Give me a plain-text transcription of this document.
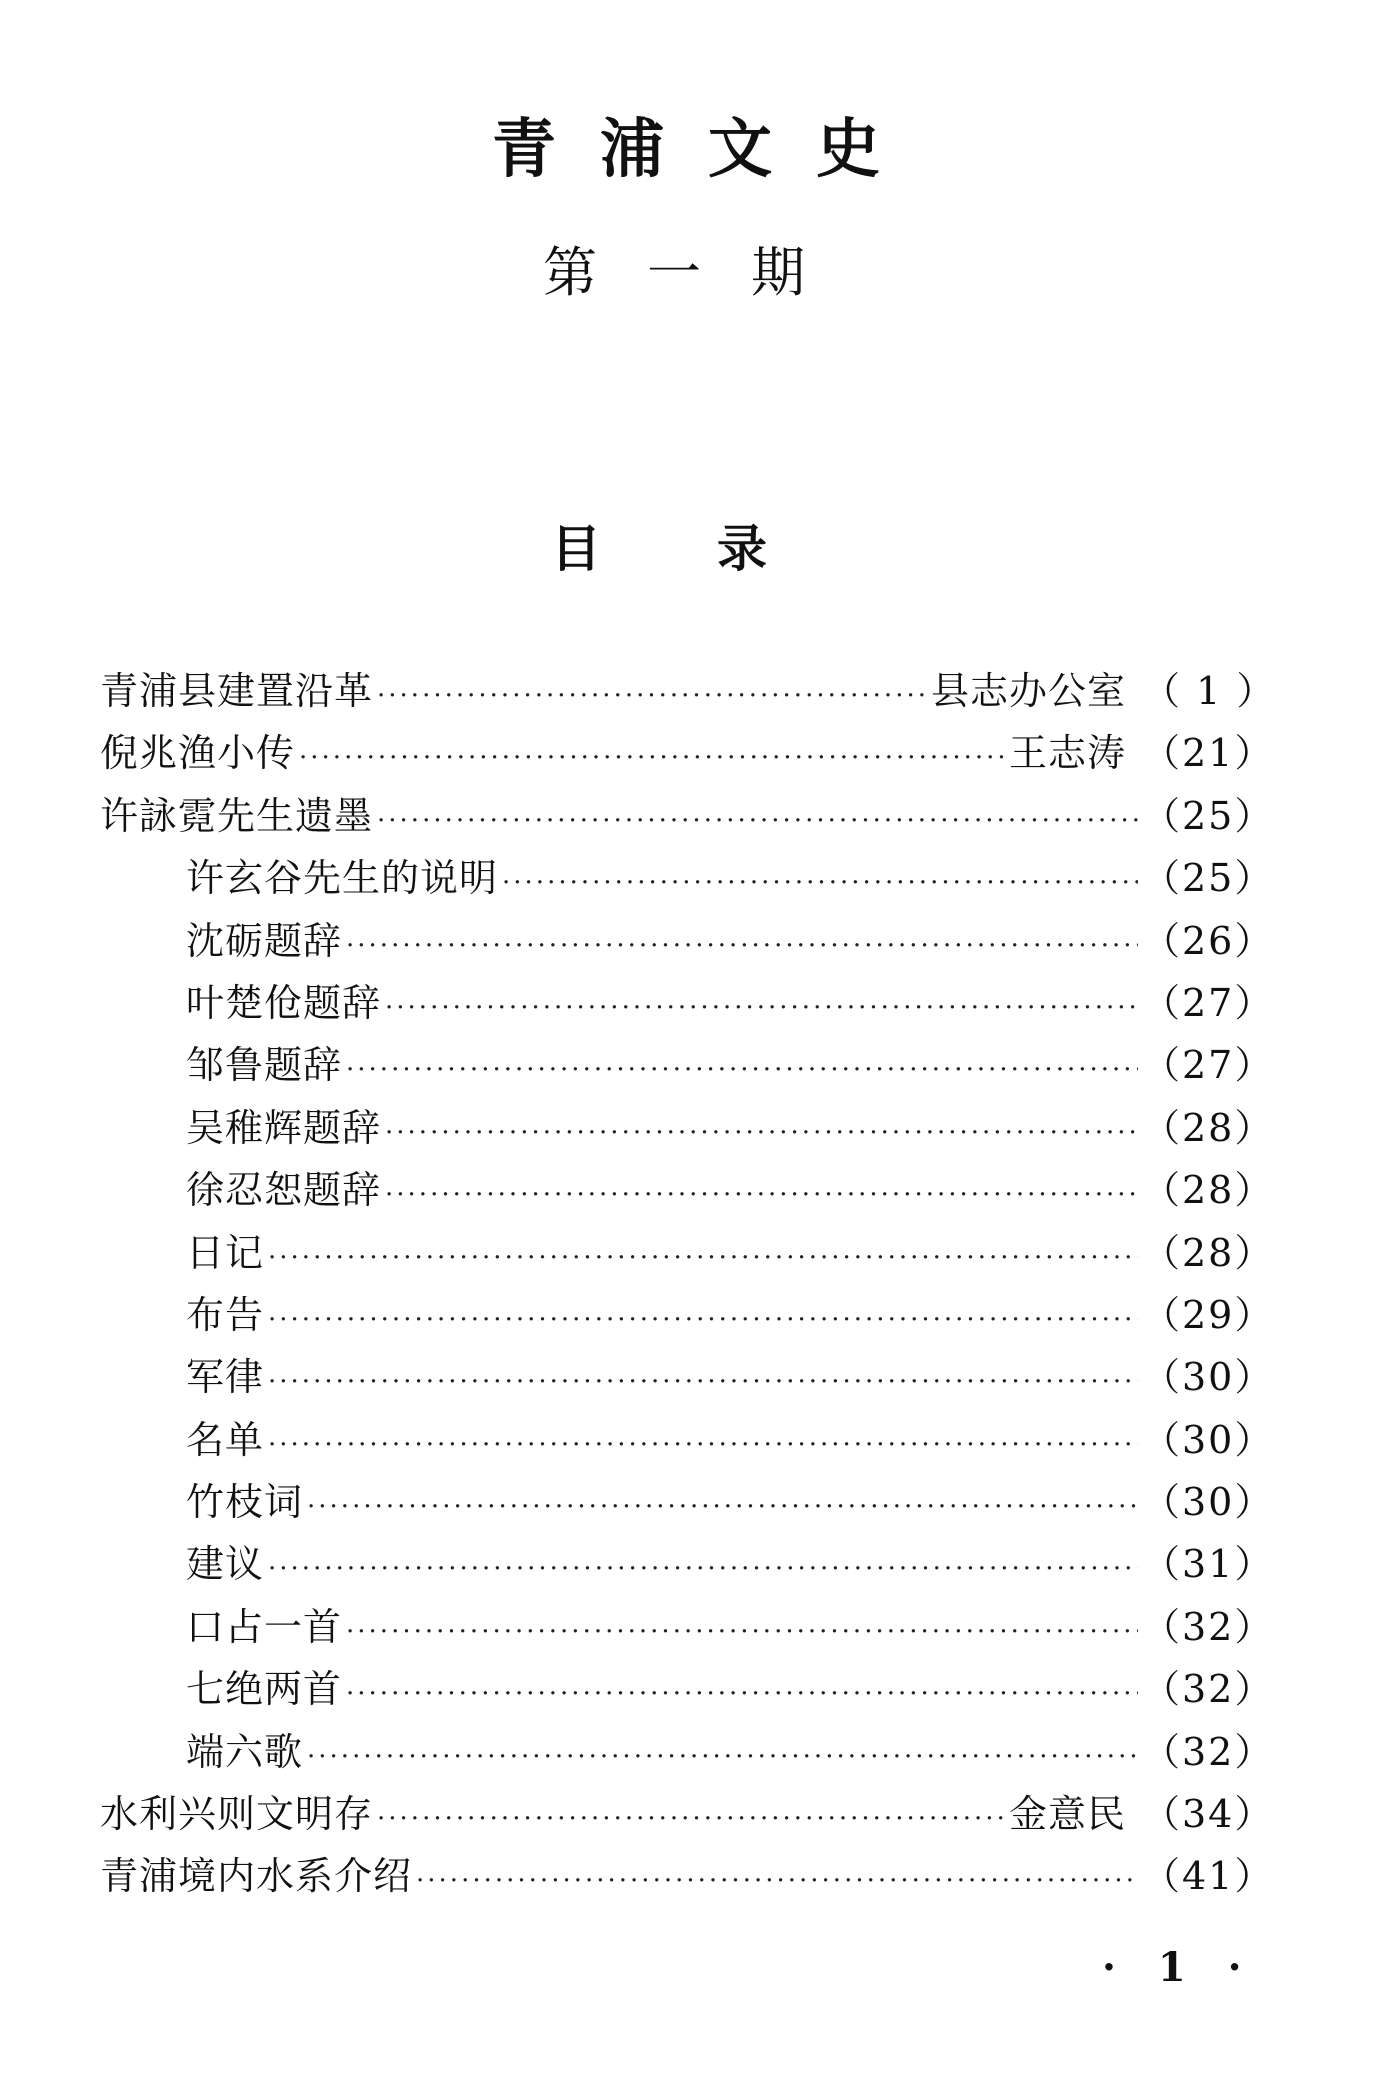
青浦文史
第一期
目录
青浦县建置沿革 ·····	县志办公室 （ 1 ）
倪兆渔小传 ·····	王志涛 （21）
许詠霓先生遗墨 ·····	（25）
许玄谷先生的说明 ·····	（25）
沈砺题辞 ·····	（26）
叶楚伧题辞 ·····	（27）
邹鲁题辞 ·····	（27）
吴稚辉题辞 ·····	（28）
徐忍恕题辞 ·····	（28）
日记 ·····	（28）
布告 ·····	（29）
军律 ·····	（30）
名单 ·····	（30）
竹枝词 ·····	（30）
建议 ·····	（31）
口占一首 ·····	（32）
七绝两首 ·····	（32）
端六歌 ·····	（32）
水利兴则文明存 ·····	金意民 （34）
青浦境内水系介绍 ·····	（41）
· 1 ·
